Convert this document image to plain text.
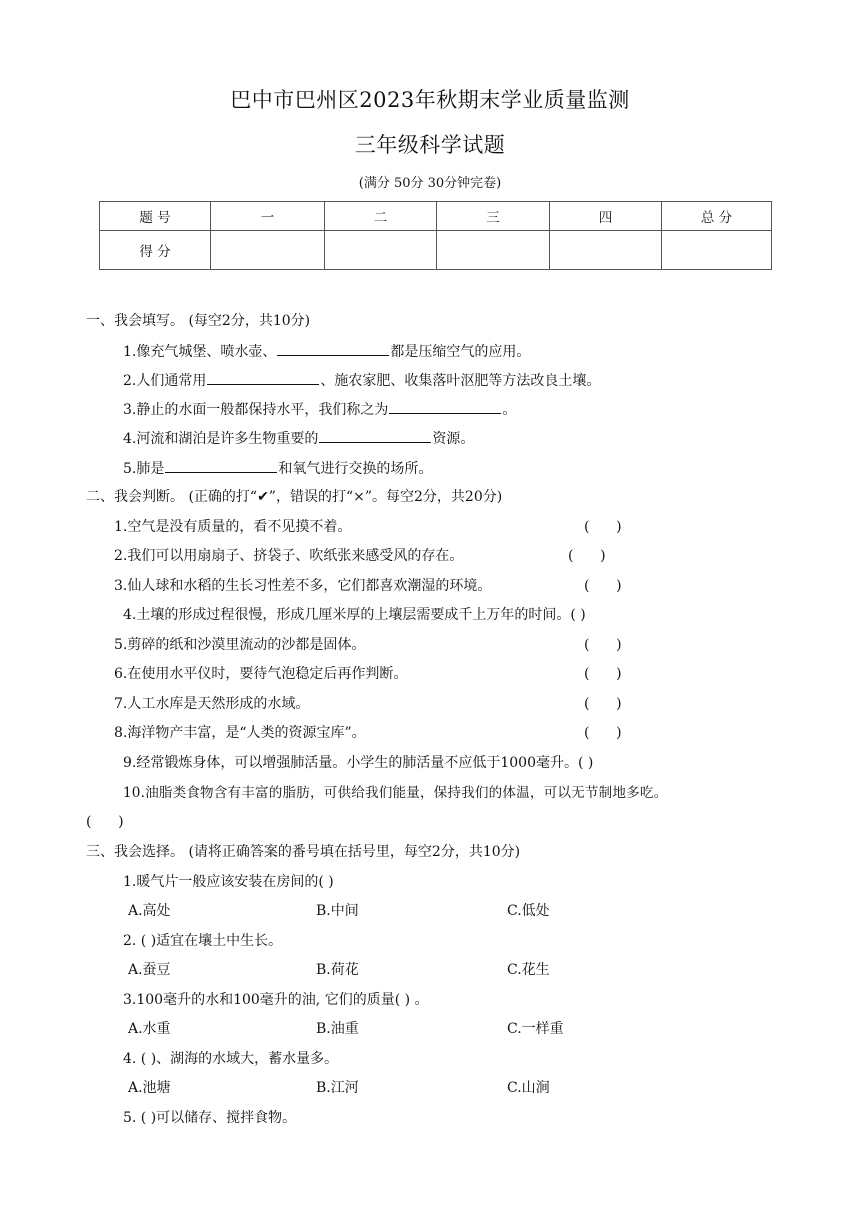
巴中市巴州区2023年秋期末学业质量监测
三年级科学试题
(满分 50分 30分钟完卷)
题 号	一	二	三	四	总 分
得 分					
一、我会填写。 (每空2分，共10分)
1.像充气城堡、喷水壶、	都是压缩空气的应用。
2.人们通常用	、施农家肥、收集落叶沤肥等方法改良土壤。
3.静止的水面一般都保持水平，我们称之为	。
4.河流和湖泊是许多生物重要的	资源。
5.肺是	和氧气进行交换的场所。
二、我会判断。 (正确的打“✔”，错误的打“×”。每空2分，共20分)
1.空气是没有质量的，看不见摸不着。	(      )
2.我们可以用扇扇子、挤袋子、吹纸张来感受风的存在。	(      )
3.仙人球和水稻的生长习性差不多，它们都喜欢潮湿的环境。	(      )
4.土壤的形成过程很慢，形成几厘米厚的上壤层需要成千上万年的时间。( )
5.剪碎的纸和沙漠里流动的沙都是固体。	(      )
6.在使用水平仪时，要待气泡稳定后再作判断。	(      )
7.人工水库是天然形成的水域。	(      )
8.海洋物产丰富，是“人类的资源宝库”。	(      )
9.经常锻炼身体，可以增强肺活量。小学生的肺活量不应低于1000毫升。( )
10.油脂类食物含有丰富的脂肪，可供给我们能量，保持我们的体温，可以无节制地多吃。
(      )
三、我会选择。 (请将正确答案的番号填在括号里，每空2分，共10分)
1.暖气片一般应该安装在房间的( )
A.高处	B.中间	C.低处
2. ( )适宜在壤土中生长。
A.蚕豆	B.荷花	C.花生
3.100毫升的水和100毫升的油, 它们的质量( ) 。
A.水重	B.油重	C.一样重
4. ( )、湖海的水域大，蓄水量多。
A.池塘	B.江河	C.山涧
5. ( )可以储存、搅拌食物。
